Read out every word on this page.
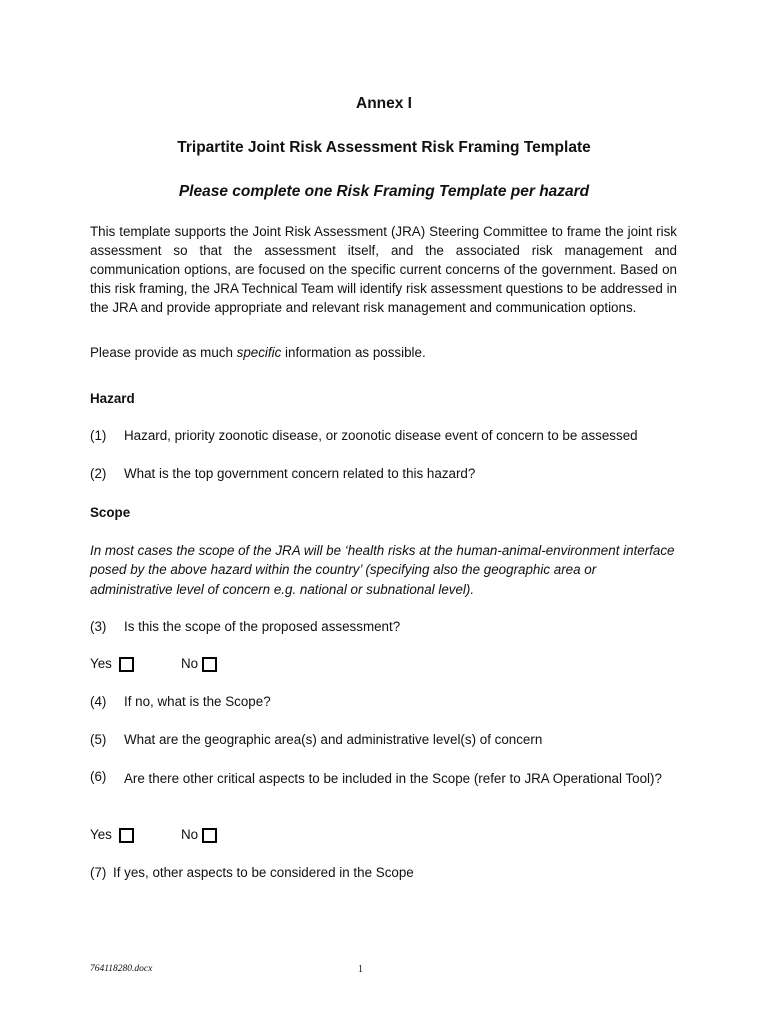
Annex I
Tripartite Joint Risk Assessment Risk Framing Template
Please complete one Risk Framing Template per hazard
This template supports the Joint Risk Assessment (JRA) Steering Committee to frame the joint risk assessment so that the assessment itself, and the associated risk management and communication options, are focused on the specific current concerns of the government. Based on this risk framing, the JRA Technical Team will identify risk assessment questions to be addressed in the JRA and provide appropriate and relevant risk management and communication options.
Please provide as much specific information as possible.
Hazard
(1) Hazard, priority zoonotic disease, or zoonotic disease event of concern to be assessed
(2) What is the top government concern related to this hazard?
Scope
In most cases the scope of the JRA will be ‘health risks at the human-animal-environment interface posed by the above hazard within the country’ (specifying also the geographic area or administrative level of concern e.g. national or subnational level).
(3) Is this the scope of the proposed assessment?
Yes	No
(4) If no, what is the Scope?
(5) What are the geographic area(s) and administrative level(s) of concern
(6) Are there other critical aspects to be included in the Scope (refer to JRA Operational Tool)?
Yes	No
(7) If yes, other aspects to be considered in the Scope
764118280.docx	1
